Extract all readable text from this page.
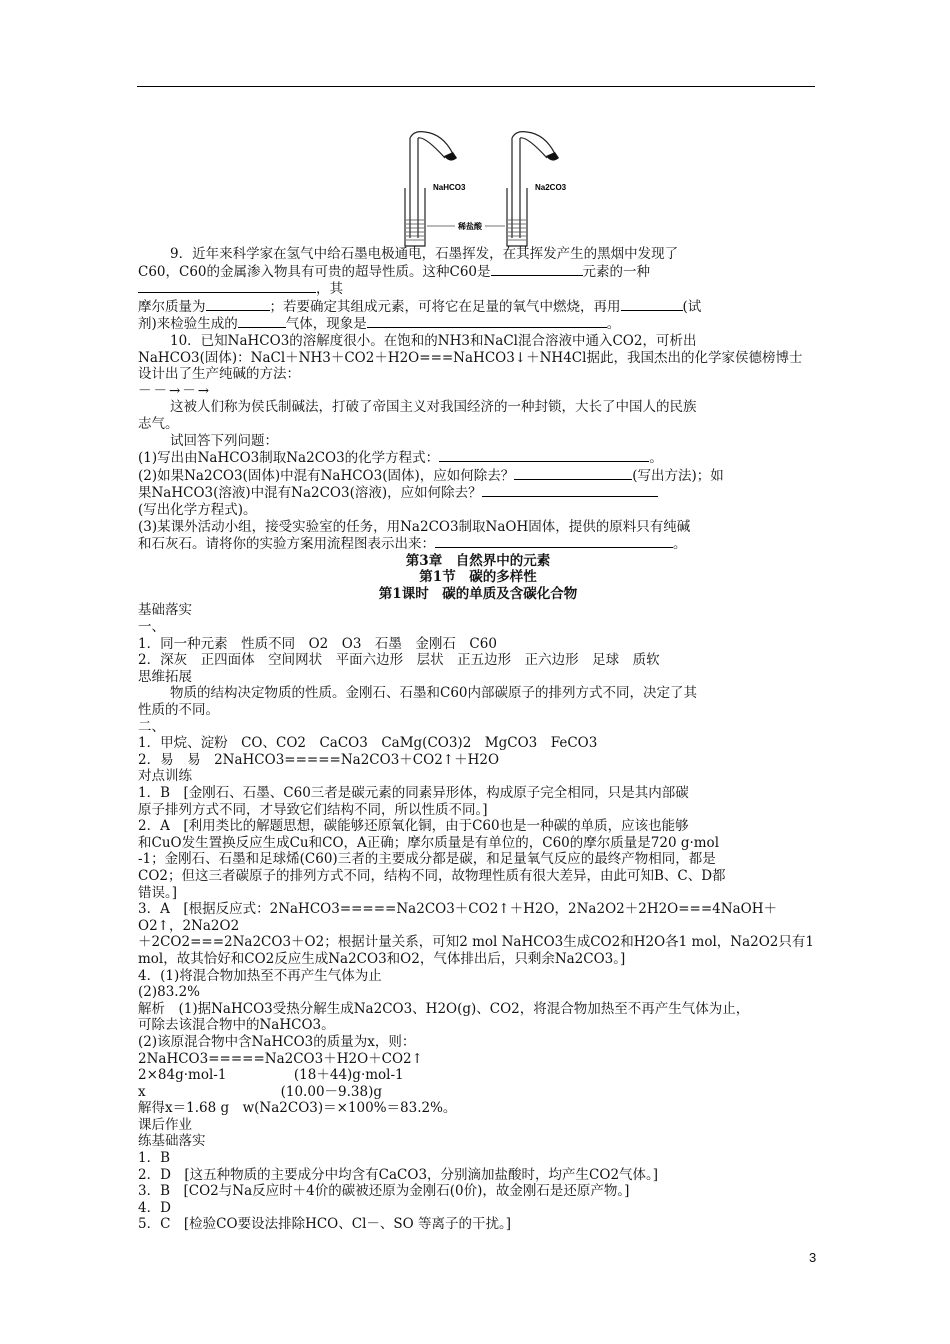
NaHCO3	Na2CO3
稀盐酸

9．近年来科学家在氢气中给石墨电极通电，石墨挥发，在其挥发产生的黑烟中发现了

C60，C60的金属渗入物具有可贵的超导性质。这种C60是	元素的一种，其

摩尔质量为	；若要确定其组成元素，可将它在足量的氧气中燃烧，再用	(试

剂)来检验生成的	气体，现象是	。

10．已知NaHCO3的溶解度很小。在饱和的NH3和NaCl混合溶液中通入CO2，可析出

NaHCO3(固体)：NaCl＋NH3＋CO2＋H2O===NaHCO3↓＋NH4Cl据此，我国杰出的化学家侯德榜博士

设计出了生产纯碱的方法：

－－→－→

这被人们称为侯氏制碱法，打破了帝国主义对我国经济的一种封锁，大长了中国人的民族

志气。

试回答下列问题：

(1)写出由NaHCO3制取Na2CO3的化学方程式：	。

(2)如果Na2CO3(固体)中混有NaHCO3(固体)，应如何除去？	(写出方法)；如

果NaHCO3(溶液)中混有Na2CO3(溶液)，应如何除去？

(写出化学方程式)。

(3)某课外活动小组，接受实验室的任务，用Na2CO3制取NaOH固体，提供的原料只有纯碱

和石灰石。请将你的实验方案用流程图表示出来：	。

第3章　自然界中的元素

第1节　碳的多样性

第1课时　碳的单质及含碳化合物

基础落实

一、

1．同一种元素　性质不同　O2　O3　石墨　金刚石　C60

2．深灰　正四面体　空间网状　平面六边形　层状　正五边形　正六边形　足球　质软

思维拓展

物质的结构决定物质的性质。金刚石、石墨和C60内部碳原子的排列方式不同，决定了其

性质的不同。

二、

1．甲烷、淀粉　CO、CO2　CaCO3　CaMg(CO3)2　MgCO3　FeCO3

2．易　易　2NaHCO3=====Na2CO3＋CO2↑＋H2O

对点训练

1．B　[金刚石、石墨、C60三者是碳元素的同素异形体，构成原子完全相同，只是其内部碳

原子排列方式不同，才导致它们结构不同，所以性质不同。]

2．A　[利用类比的解题思想，碳能够还原氧化铜，由于C60也是一种碳的单质，应该也能够

和CuO发生置换反应生成Cu和CO，A正确；摩尔质量是有单位的，C60的摩尔质量是720 g·mol

-1；金刚石、石墨和足球烯(C60)三者的主要成分都是碳，和足量氧气反应的最终产物相同，都是

CO2；但这三者碳原子的排列方式不同，结构不同，故物理性质有很大差异，由此可知B、C、D都

错误。]

3．A　[根据反应式：2NaHCO3=====Na2CO3＋CO2↑＋H2O，2Na2O2＋2H2O===4NaOH＋O2↑，2Na2O2

＋2CO2===2Na2CO3＋O2；根据计量关系，可知2 mol NaHCO3生成CO2和H2O各1 mol，Na2O2只有1

mol，故其恰好和CO2反应生成Na2CO3和O2，气体排出后，只剩余Na2CO3。]

4．(1)将混合物加热至不再产生气体为止

(2)83.2%

解析　(1)据NaHCO3受热分解生成Na2CO3、H2O(g)、CO2，将混合物加热至不再产生气体为止，

可除去该混合物中的NaHCO3。

(2)该原混合物中含NaHCO3的质量为x，则：

2NaHCO3=====Na2CO3＋H2O＋CO2↑

2×84g·mol-1　　　　　(18＋44)g·mol-1

x　　　　　　　　　　(10.00－9.38)g

解得x＝1.68 g　w(Na2CO3)＝×100%＝83.2%。

课后作业

练基础落实

1．B

2．D　[这五种物质的主要成分中均含有CaCO3，分别滴加盐酸时，均产生CO2气体。]

3．B　[CO2与Na反应时＋4价的碳被还原为金刚石(0价)，故金刚石是还原产物。]

4．D

5．C　[检验CO要设法排除HCO、Cl－、SO 等离子的干扰。]

3
